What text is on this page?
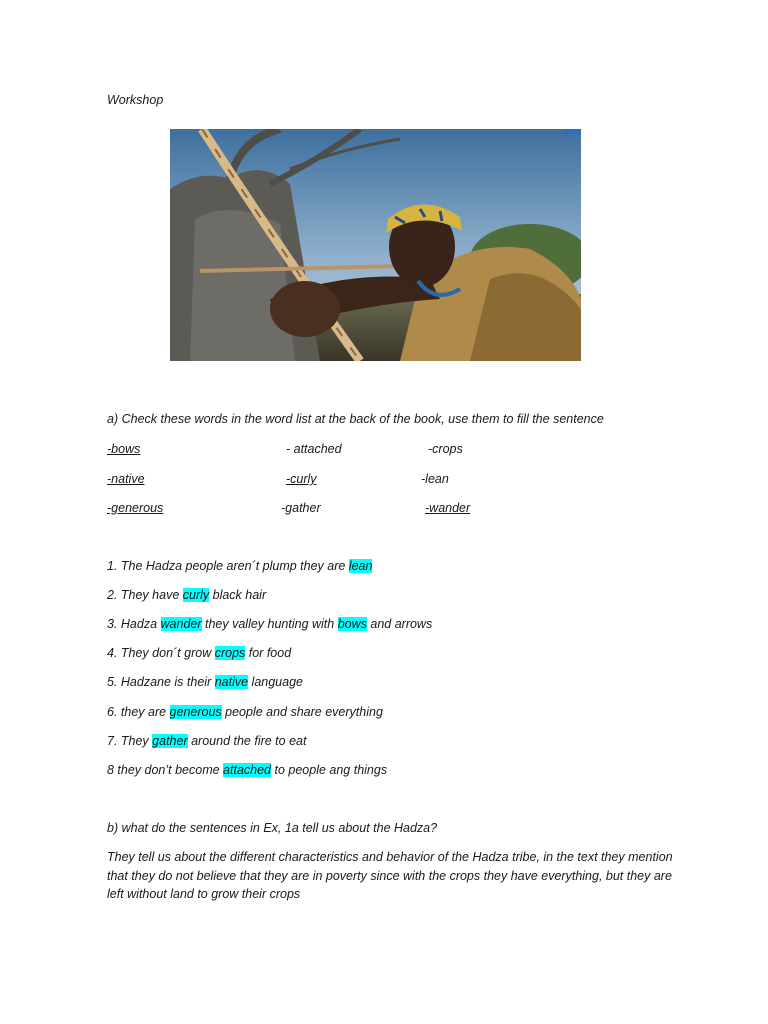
Workshop
a) Check these words in the word list at the back of the book, use them to fill the sentence
-bows	- attached	-crops
-native	-curly	-lean
-generous	-gather	-wander
1. The Hadza people aren´t plump they are lean
2. They have curly black hair
3. Hadza wander they valley hunting with bows and arrows
4. They don´t grow crops for food
5. Hadzane is their native language
6. they are generous people and share everything
7. They gather around the fire to eat
8 they don’t become attached to people ang things
b) what do the sentences in Ex, 1a tell us about the Hadza?
They tell us about the different characteristics and behavior of the Hadza tribe, in the text they mention that they do not believe that they are in poverty since with the crops they have everything, but they are left without land to grow their crops
